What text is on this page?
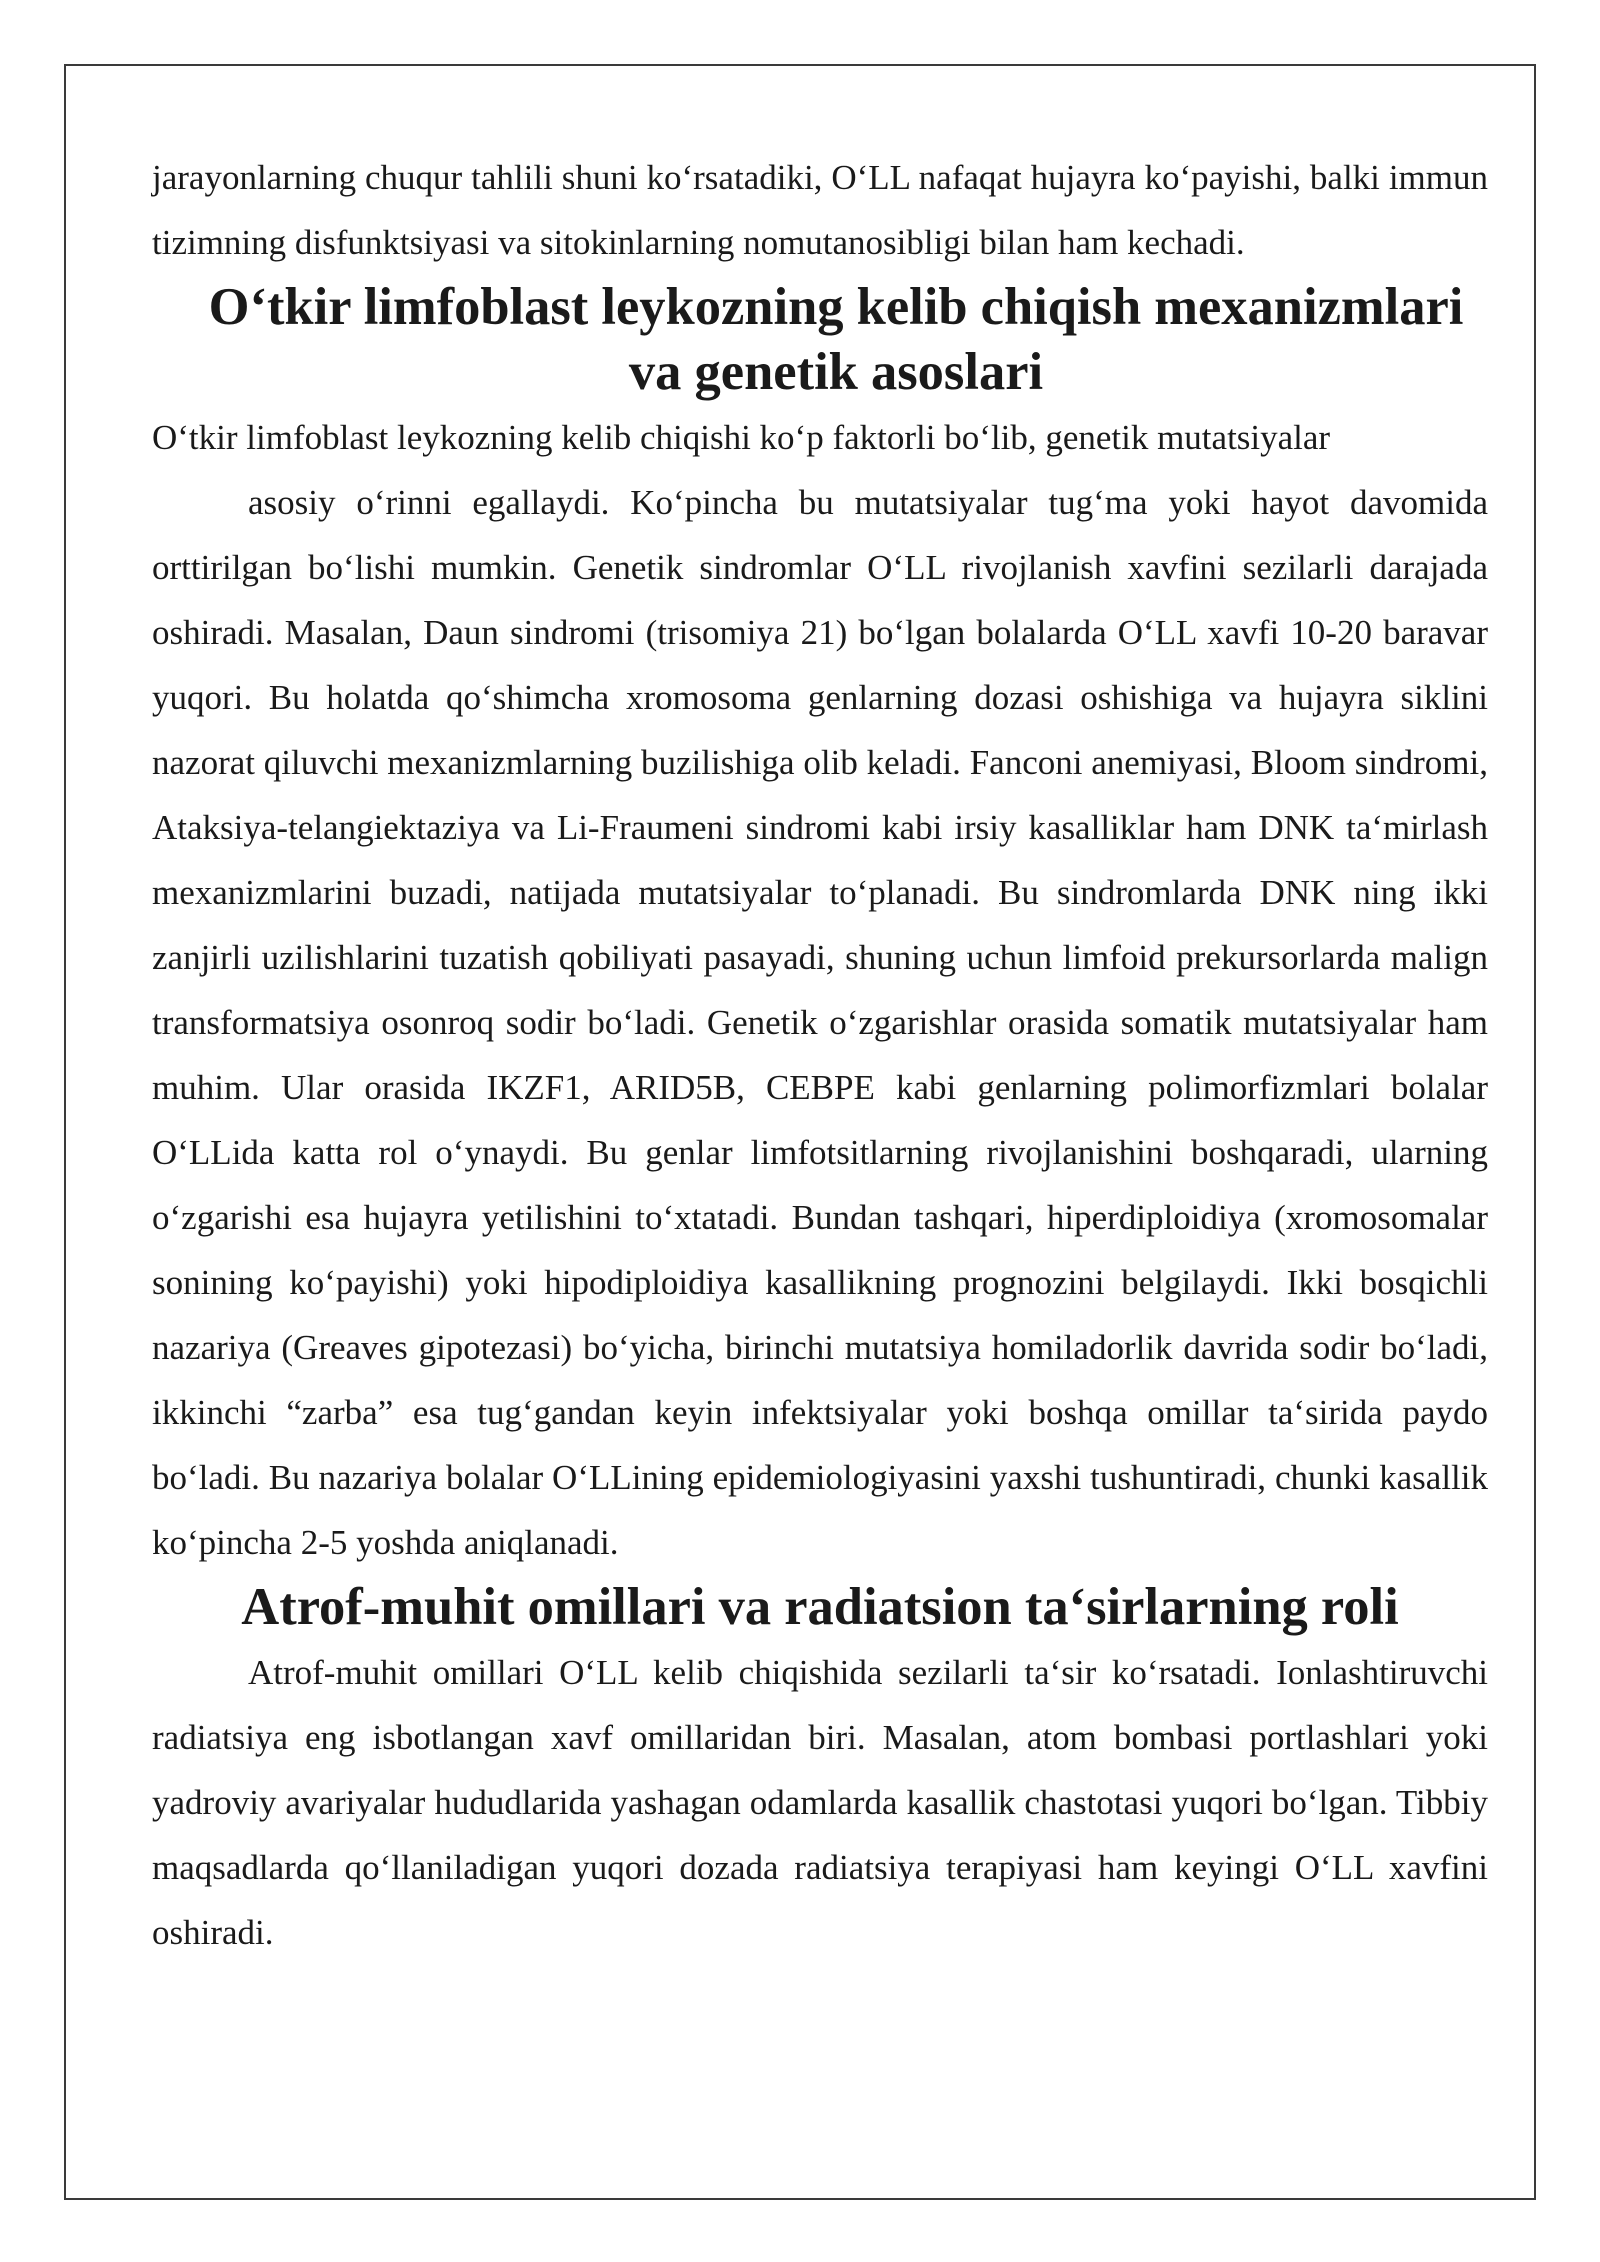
jarayonlarning chuqur tahlili shuni koʻrsatadiki, OʻLL nafaqat hujayra koʻpayishi, balki immun tizimning disfunktsiyasi va sitokinlarning nomutanosibligi bilan ham kechadi.

Oʻtkir limfoblast leykozning kelib chiqish mexanizmlari va genetik asoslari

Oʻtkir limfoblast leykozning kelib chiqishi koʻp faktorli boʻlib, genetik mutatsiyalar
asosiy oʻrinni egallaydi. Koʻpincha bu mutatsiyalar tugʻma yoki hayot davomida orttirilgan boʻlishi mumkin. Genetik sindromlar OʻLL rivojlanish xavfini sezilarli darajada oshiradi. Masalan, Daun sindromi (trisomiya 21) boʻlgan bolalarda OʻLL xavfi 10-20 baravar yuqori. Bu holatda qoʻshimcha xromosoma genlarning dozasi oshishiga va hujayra siklini nazorat qiluvchi mexanizmlarning buzilishiga olib keladi. Fanconi anemiyasi, Bloom sindromi, Ataksiya-telangiektaziya va Li-Fraumeni sindromi kabi irsiy kasalliklar ham DNK taʻmirlash mexanizmlarini buzadi, natijada mutatsiyalar toʻplanadi. Bu sindromlarda DNK ning ikki zanjirli uzilishlarini tuzatish qobiliyati pasayadi, shuning uchun limfoid prekursorlarda malign transformatsiya osonroq sodir boʻladi. Genetik oʻzgarishlar orasida somatik mutatsiyalar ham muhim. Ular orasida IKZF1, ARID5B, CEBPE kabi genlarning polimorfizmlari bolalar OʻLLida katta rol oʻynaydi. Bu genlar limfotsitlarning rivojlanishini boshqaradi, ularning oʻzgarishi esa hujayra yetilishini toʻxtatadi. Bundan tashqari, hiperdiploidiya (xromosomalar sonining koʻpayishi) yoki hipodiploidiya kasallikning prognozini belgilaydi. Ikki bosqichli nazariya (Greaves gipotezasi) boʻyicha, birinchi mutatsiya homiladorlik davrida sodir boʻladi, ikkinchi “zarba” esa tugʻgandan keyin infektsiyalar yoki boshqa omillar taʻsirida paydo boʻladi. Bu nazariya bolalar OʻLLining epidemiologiyasini yaxshi tushuntiradi, chunki kasallik koʻpincha 2-5 yoshda aniqlanadi.

Atrof-muhit omillari va radiatsion taʻsirlarning roli

Atrof-muhit omillari OʻLL kelib chiqishida sezilarli taʻsir koʻrsatadi. Ionlashtiruvchi radiatsiya eng isbotlangan xavf omillaridan biri. Masalan, atom bombasi portlashlari yoki yadroviy avariyalar hududlarida yashagan odamlarda kasallik chastotasi yuqori boʻlgan. Tibbiy maqsadlarda qoʻllaniladigan yuqori dozada radiatsiya terapiyasi ham keyingi OʻLL xavfini oshiradi.
